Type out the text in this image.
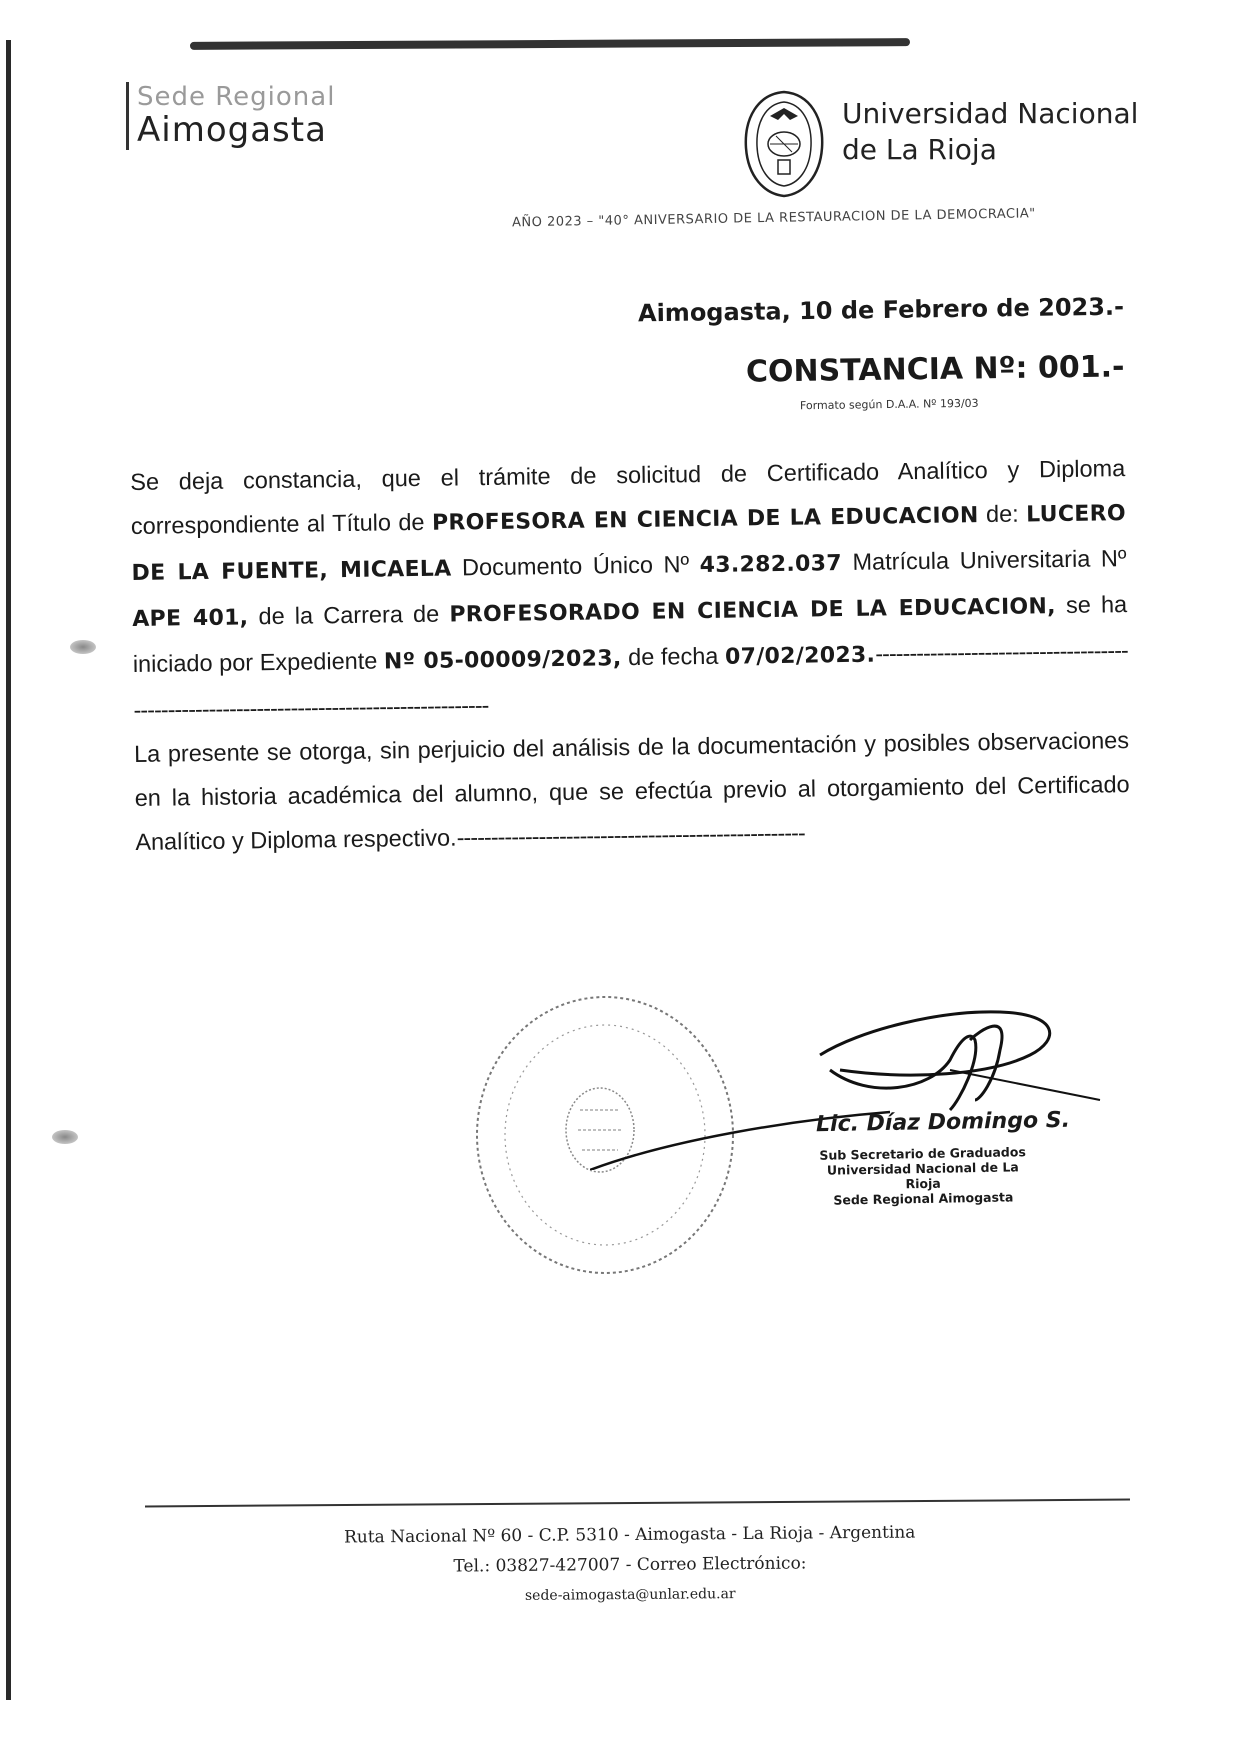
Sede Regional
Aimogasta	Universidad Nacional
de La Rioja
AÑO 2023 – "40° ANIVERSARIO DE LA RESTAURACION DE LA DEMOCRACIA"
Aimogasta, 10 de Febrero de 2023.-
CONSTANCIA Nº: 001.-
Formato según D.A.A. Nº 193/03
Se deja constancia, que el trámite de solicitud de Certificado Analítico y Diploma correspondiente al Título de PROFESORA EN CIENCIA DE LA EDUCACION de: LUCERO DE LA FUENTE, MICAELA Documento Único Nº 43.282.037 Matrícula Universitaria Nº APE 401, de la Carrera de PROFESORADO EN CIENCIA DE LA EDUCACION, se ha iniciado por Expediente Nº 05-00009/2023, de fecha 07/02/2023.-----------------------------------------------------------------------------------------
La presente se otorga, sin perjuicio del análisis de la documentación y posibles observaciones en la historia académica del alumno, que se efectúa previo al otorgamiento del Certificado Analítico y Diploma respectivo.---------------------------------------------------
Lic. Díaz Domingo S.
Sub Secretario de Graduados
Universidad Nacional de La Rioja
Sede Regional Aimogasta
Ruta Nacional Nº 60 - C.P. 5310 - Aimogasta - La Rioja - Argentina
Tel.: 03827-427007 - Correo Electrónico:
sede-aimogasta@unlar.edu.ar
